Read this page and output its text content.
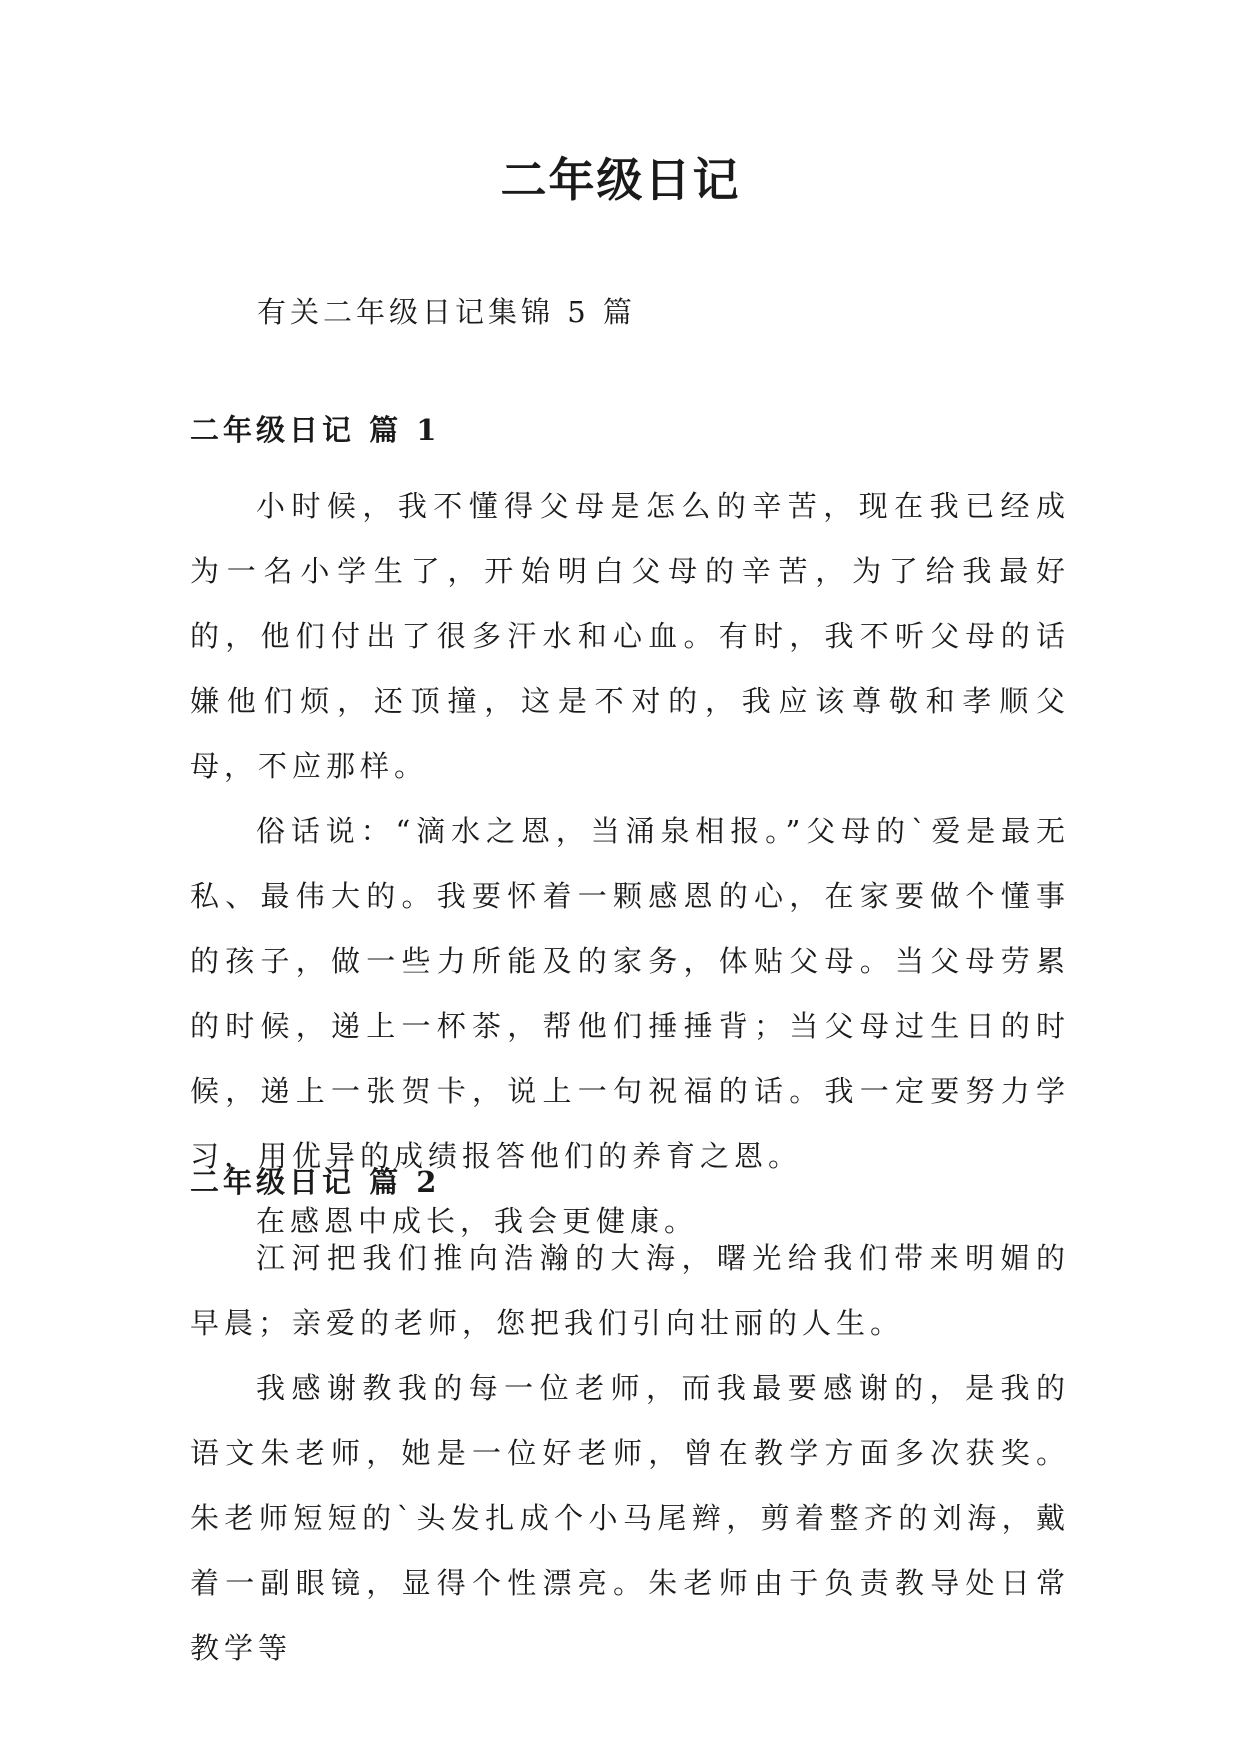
二年级日记

有关二年级日记集锦 5 篇

二年级日记 篇 1

小时候，我不懂得父母是怎么的辛苦，现在我已经成为一名小学生了，开始明白父母的辛苦，为了给我最好的，他们付出了很多汗水和心血。有时，我不听父母的话嫌他们烦，还顶撞，这是不对的，我应该尊敬和孝顺父母，不应那样。

俗话说：“滴水之恩，当涌泉相报。”父母的`爱是最无私、最伟大的。我要怀着一颗感恩的心，在家要做个懂事的孩子，做一些力所能及的家务，体贴父母。当父母劳累的时候，递上一杯茶，帮他们捶捶背；当父母过生日的时候，递上一张贺卡，说上一句祝福的话。我一定要努力学习，用优异的成绩报答他们的养育之恩。

在感恩中成长，我会更健康。

二年级日记 篇 2

江河把我们推向浩瀚的大海，曙光给我们带来明媚的早晨；亲爱的老师，您把我们引向壮丽的人生。

我感谢教我的每一位老师，而我最要感谢的，是我的语文朱老师，她是一位好老师，曾在教学方面多次获奖。朱老师短短的`头发扎成个小马尾辫，剪着整齐的刘海，戴着一副眼镜，显得个性漂亮。朱老师由于负责教导处日常教学等
